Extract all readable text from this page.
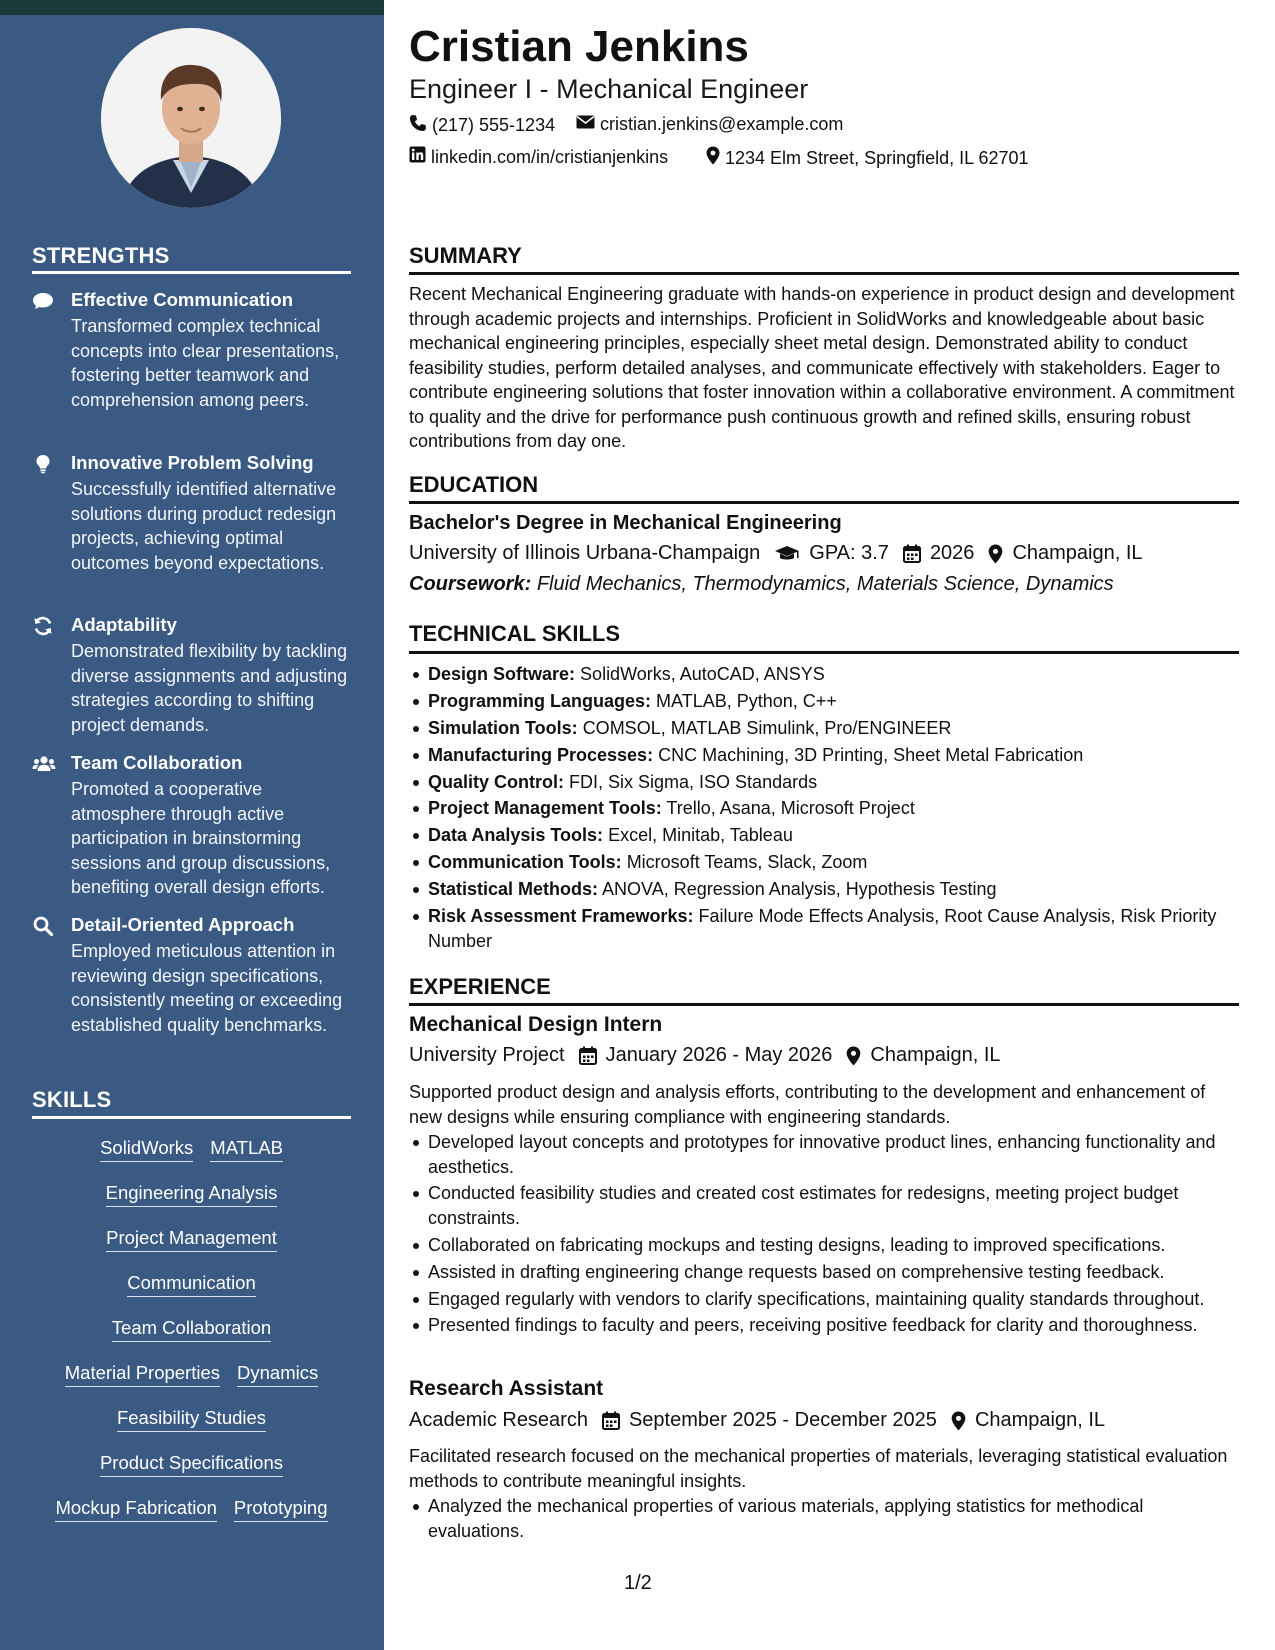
STRENGTHS
Effective Communication
Transformed complex technical concepts into clear presentations, fostering better teamwork and comprehension among peers.
Innovative Problem Solving
Successfully identified alternative solutions during product redesign projects, achieving optimal outcomes beyond expectations.
Adaptability
Demonstrated flexibility by tackling diverse assignments and adjusting strategies according to shifting project demands.
Team Collaboration
Promoted a cooperative atmosphere through active participation in brainstorming sessions and group discussions, benefiting overall design efforts.
Detail-Oriented Approach
Employed meticulous attention in reviewing design specifications, consistently meeting or exceeding established quality benchmarks.
SKILLS
SolidWorks MATLAB
Engineering Analysis
Project Management
Communication
Team Collaboration
Material Properties Dynamics
Feasibility Studies
Product Specifications
Mockup Fabrication Prototyping
Cristian Jenkins
Engineer I - Mechanical Engineer
(217) 555-1234 cristian.jenkins@example.com
linkedin.com/in/cristianjenkins	1234 Elm Street, Springfield, IL 62701
SUMMARY
Recent Mechanical Engineering graduate with hands-on experience in product design and development through academic projects and internships. Proficient in SolidWorks and knowledgeable about basic mechanical engineering principles, especially sheet metal design. Demonstrated ability to conduct feasibility studies, perform detailed analyses, and communicate effectively with stakeholders. Eager to contribute engineering solutions that foster innovation within a collaborative environment. A commitment to quality and the drive for performance push continuous growth and refined skills, ensuring robust contributions from day one.
EDUCATION
Bachelor's Degree in Mechanical Engineering
University of Illinois Urbana-Champaign GPA: 3.7 2026 Champaign, IL
Coursework: Fluid Mechanics, Thermodynamics, Materials Science, Dynamics
TECHNICAL SKILLS
Design Software: SolidWorks, AutoCAD, ANSYS
Programming Languages: MATLAB, Python, C++
Simulation Tools: COMSOL, MATLAB Simulink, Pro/ENGINEER
Manufacturing Processes: CNC Machining, 3D Printing, Sheet Metal Fabrication
Quality Control: FDI, Six Sigma, ISO Standards
Project Management Tools: Trello, Asana, Microsoft Project
Data Analysis Tools: Excel, Minitab, Tableau
Communication Tools: Microsoft Teams, Slack, Zoom
Statistical Methods: ANOVA, Regression Analysis, Hypothesis Testing
Risk Assessment Frameworks: Failure Mode Effects Analysis, Root Cause Analysis, Risk Priority Number
EXPERIENCE
Mechanical Design Intern
University Project January 2026 - May 2026 Champaign, IL
Supported product design and analysis efforts, contributing to the development and enhancement of new designs while ensuring compliance with engineering standards.
Developed layout concepts and prototypes for innovative product lines, enhancing functionality and aesthetics.
Conducted feasibility studies and created cost estimates for redesigns, meeting project budget constraints.
Collaborated on fabricating mockups and testing designs, leading to improved specifications.
Assisted in drafting engineering change requests based on comprehensive testing feedback.
Engaged regularly with vendors to clarify specifications, maintaining quality standards throughout.
Presented findings to faculty and peers, receiving positive feedback for clarity and thoroughness.
Research Assistant
Academic Research September 2025 - December 2025 Champaign, IL
Facilitated research focused on the mechanical properties of materials, leveraging statistical evaluation methods to contribute meaningful insights.
Analyzed the mechanical properties of various materials, applying statistics for methodical evaluations.
1/2
